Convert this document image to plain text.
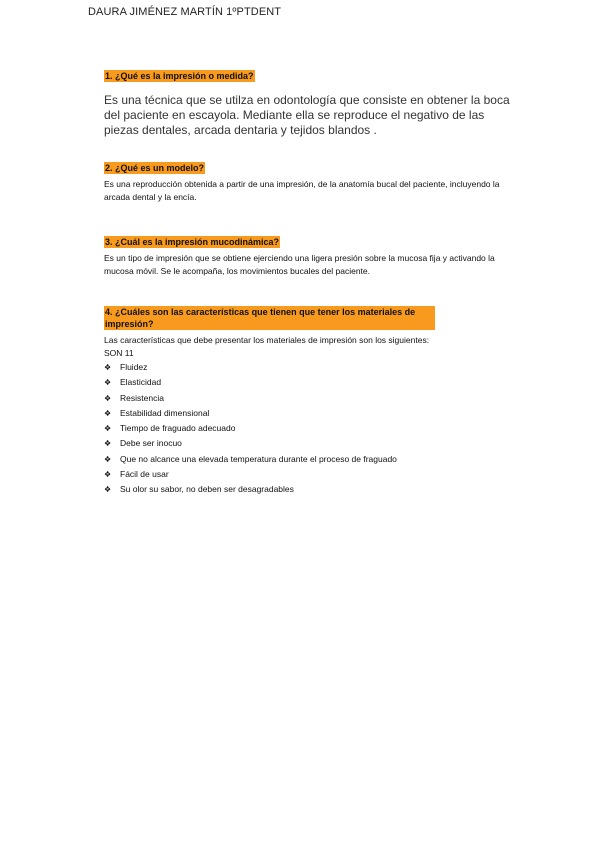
DAURA JIMÉNEZ MARTÍN 1ºPTDENT
1. ¿Qué es la impresión o medida?
Es una técnica que se utilza en odontología que consiste en obtener la boca del paciente en escayola. Mediante ella se reproduce el negativo de las piezas dentales, arcada dentaria y tejidos blandos .
2. ¿Qué es un modelo?
Es una reproducción obtenida a partir de una impresión, de la anatomía bucal del paciente, incluyendo la arcada dental y la encía.
3. ¿Cuál es la impresión mucodinámica?
Es un tipo de impresión que se obtiene ejerciendo una ligera presión sobre la mucosa fija y activando la mucosa móvil. Se le acompaña, los movimientos bucales del paciente.
4. ¿Cuáles son las características que tienen que tener los materiales de impresión?
Las características que debe presentar los materiales de impresión son los siguientes: SON 11
❖ Fluidez
❖ Elasticidad
❖ Resistencia
❖ Estabilidad dimensional
❖ Tiempo de fraguado adecuado
❖ Debe ser inocuo
❖ Que no alcance una elevada temperatura durante el proceso de fraguado
❖ Fácil de usar
❖ Su olor su sabor, no deben ser desagradables
